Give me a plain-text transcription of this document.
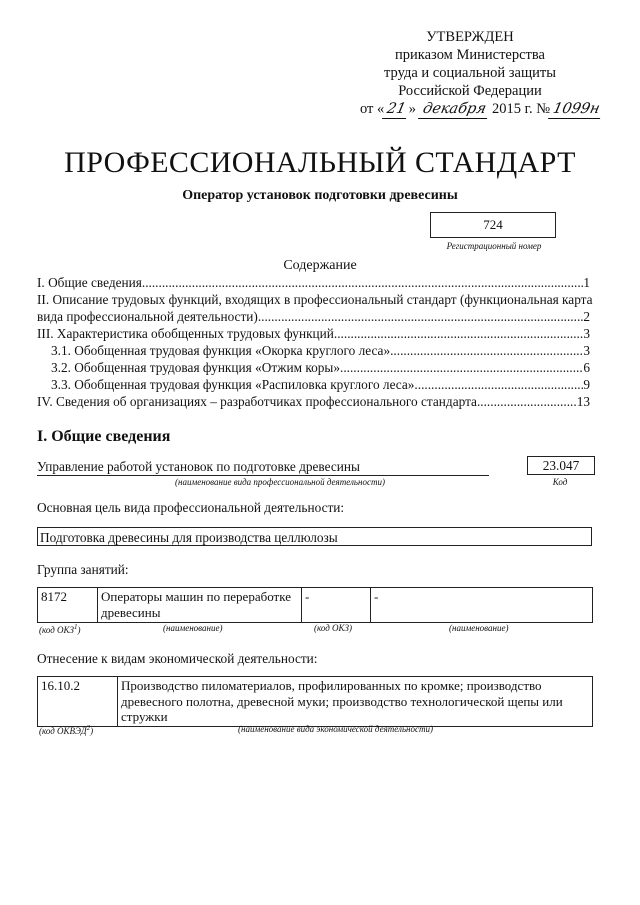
УТВЕРЖДЕН
приказом Министерства
труда и социальной защиты
Российской Федерации
от «21» декабря 2015 г. №1099н
ПРОФЕССИОНАЛЬНЫЙ СТАНДАРТ
Оператор установок подготовки древесины
724
Регистрационный номер
Содержание
I. Общие сведения .....	1
II. Описание трудовых функций, входящих в профессиональный стандарт (функциональная карта
вида профессиональной деятельности) .....	2
III. Характеристика обобщенных трудовых функций .....	3
3.1. Обобщенная трудовая функция «Окорка круглого леса» .....	3
3.2. Обобщенная трудовая функция «Отжим коры» .....	6
3.3. Обобщенная трудовая функция «Распиловка круглого леса» .....	9
IV. Сведения об организациях – разработчиках профессионального стандарта .....	13
I. Общие сведения
Управление работой установок по подготовке древесины
(наименование вида профессиональной деятельности)
23.047
Код
Основная цель вида профессиональной деятельности:
Подготовка древесины для производства целлюлозы
Группа занятий:
8172	Операторы машин по переработке древесины	-	-
(код ОКЗ$^1$)	(наименование)	(код ОКЗ)	(наименование)
Отнесение к видам экономической деятельности:
16.10.2	Производство пиломатериалов, профилированных по кромке; производство древесного полотна, древесной муки; производство технологической щепы или стружки
(код ОКВЭД$^2$)	(наименование вида экономической деятельности)
